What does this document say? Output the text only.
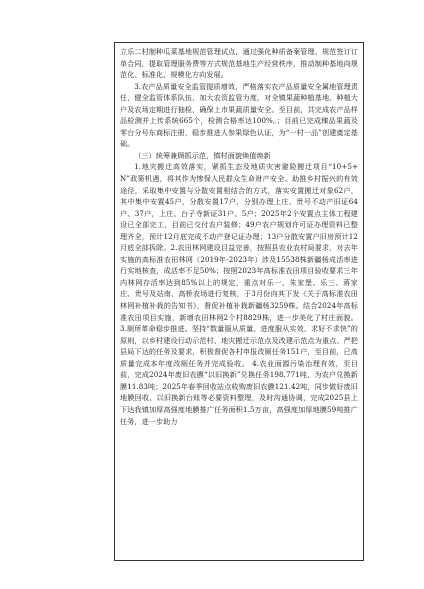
立乐二村制种瓜菜基地规范管理试点，通过强化种质备案管理、规范签订订单合同，提取管理服务费等方式规范基地生产经营秩序，推动制种基地向规范化、标准化、规模化方向发展。

3.农产品质量安全监管提质增效，严格落实农产品质量安全属地管理责任，健全监管体系队伍，加大农资监管力度，对全镇果蔬种植基地、种植大户及农场定期进行抽检，确保上市果蔬质量安全。至目前，共完成农产品样品检测并上传系统665个，检测合格率达100%。；目前已完成臻品果蔬及零台分号东商标注册，稳步推进人参果绿色认证，为“一村一品”创建奠定基础。

（三）统筹兼顾抓示范，镇村面貌焕值焕新

1.地灾搬迁高效落实，紧抓生态及地质灾害避险搬迁项目“10+5+N”政策机遇，将其作为惨保人民群众生命财产安全、助推乡村振兴的有效途径，采取集中安置与分散安置相结合的方式，落实安置搬迁对象62户，其中集中安置45户，分散安置17户，分别办理上庄、贵号不动产旧证64户、37户，上庄、台子寺新证31户、5户；2025年2个安置点主体工程建设已全部完工，目前已交付农户装修；49户农户规划许可证办理资料已整理齐全，预计12月底完成不动产登记证办理；13户分散安置户旧房预计12月底全部拆除。2.农田林网建设目益完善，按照县农业农村局要求，对去年实施的高标准农田林网（2019年-2023年）涉及15538株新疆杨成活率进行实地核查，成活率不足50%；按照2023年高标准农田项目验收要求三年内林网存活率达到85%以上的规定，重点对乐一、朱家堡、乐三、蒋家庄、贵号及站南、高桥农场进行复核，于3月份向其下发《关于高标准农田林网补植补栽的告知书》，督促补植补栽新疆杨3259株。结合2024年高标准农田项目实施，新增农田林网2个村8829株，进一步美化了村庄面貌。3.厕所革命稳步推进。坚持“数量服从质量、进度服从实效、求好不求快”的原则，以乡村建设行动示范村、地灾搬迁示范点及改建示范点为重点、严把县局下达的任务及要求，积极督促各村申报改厕任务151户，至目前，已高质量完成本年度改厕任务并完成验收。 4.农业面源污染治理有效，至目前，完成2024年废旧农膜“以旧换新”兑换任务198.771吨，为农户兑换新膜11.83吨；2025年春季回收站点收购废旧农膜121.42吨，同步做好废旧地膜回收、以旧换新台账等必要资料整理，及时沟通协调，完成2025县上下达我镇加厚高强度地膜推广任务面积1.5万亩，高强度加厚地膜59吨推广任务，进一步助力
